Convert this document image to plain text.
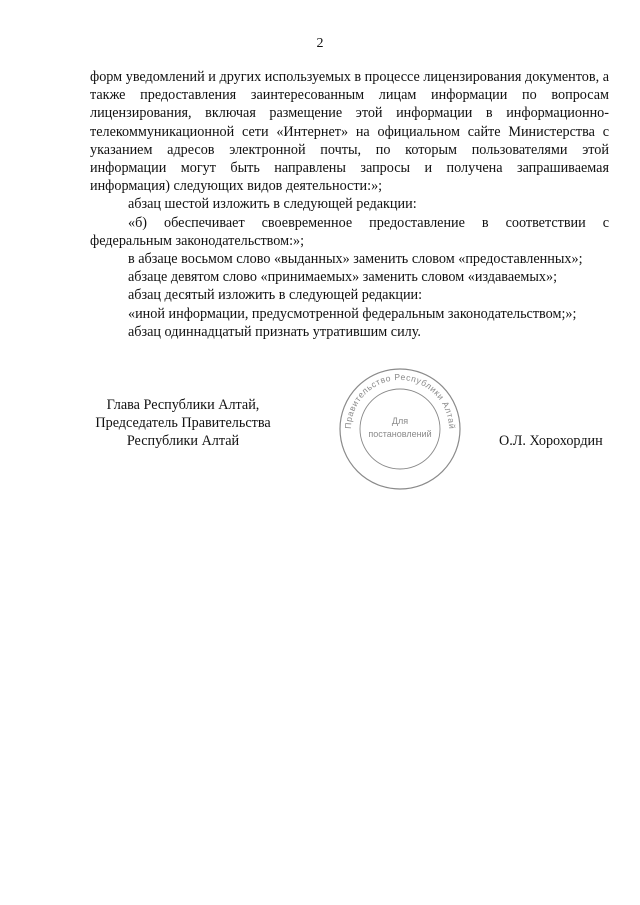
2

форм уведомлений и других используемых в процессе лицензирования документов, а также предоставления заинтересованным лицам информации по вопросам лицензирования, включая размещение этой информации в информационно-телекоммуникационной сети «Интернет» на официальном сайте Министерства с указанием адресов электронной почты, по которым пользователями этой информации могут быть направлены запросы и получена запрашиваемая информация) следующих видов деятельности:»;

абзац шестой изложить в следующей редакции:

«б) обеспечивает своевременное предоставление в соответствии с федеральным законодательством:»;

в абзаце восьмом слово «выданных» заменить словом «предоставленных»;

абзаце девятом слово «принимаемых» заменить словом «издаваемых»;

абзац десятый изложить в следующей редакции:

«иной информации, предусмотренной федеральным законодательством;»;

абзац одиннадцатый признать утратившим силу.

Глава Республики Алтай,
Председатель Правительства
Республики Алтай
Правительство Республики Алтай
Для
постановлений	О.Л. Хорохордин
